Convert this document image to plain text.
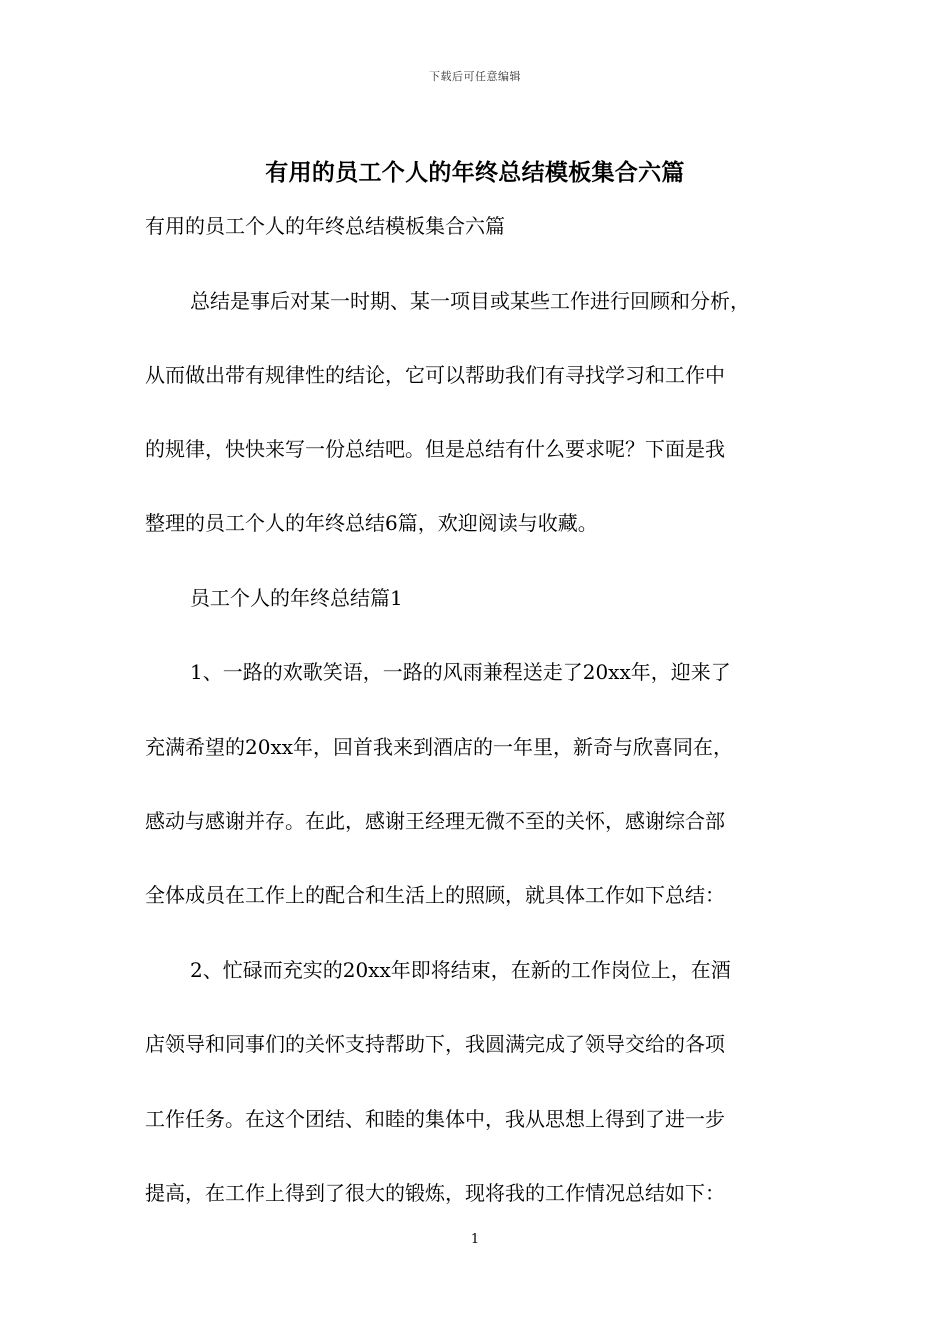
下载后可任意编辑
有用的员工个人的年终总结模板集合六篇
有用的员工个人的年终总结模板集合六篇
总结是事后对某一时期、某一项目或某些工作进行回顾和分析，
从而做出带有规律性的结论，它可以帮助我们有寻找学习和工作中
的规律，快快来写一份总结吧。但是总结有什么要求呢？下面是我
整理的员工个人的年终总结6篇，欢迎阅读与收藏。
员工个人的年终总结篇1
1、一路的欢歌笑语，一路的风雨兼程送走了20xx年，迎来了
充满希望的20xx年，回首我来到酒店的一年里，新奇与欣喜同在，
感动与感谢并存。在此，感谢王经理无微不至的关怀，感谢综合部
全体成员在工作上的配合和生活上的照顾，就具体工作如下总结：
2、忙碌而充实的20xx年即将结束，在新的工作岗位上，在酒
店领导和同事们的关怀支持帮助下，我圆满完成了领导交给的各项
工作任务。在这个团结、和睦的集体中，我从思想上得到了进一步
提高，在工作上得到了很大的锻炼，现将我的工作情况总结如下：
1
